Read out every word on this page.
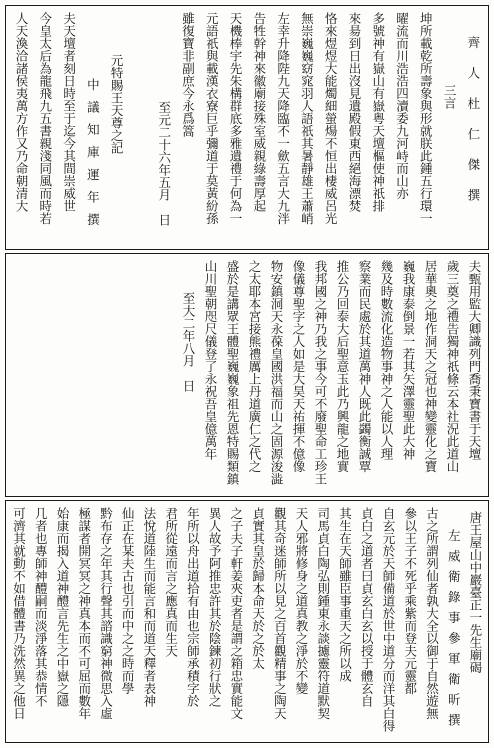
齊人杜仁傑撰
三言
坤所載乾所壽象與形就朕此鍾五行環一
曜流而川浩浩四瀆委九河峙而山亦
多號神有嶽山有嶽粤天壇樞使神祇排
來昜到日出沒見遺殿假東西絕海漂焚
恪來煜煜大能燭細螢煬不恒出棲威呂光
無崇巍巍窈窕羽人語祇其暑靜雄王蕭峭
左幸升降陛九天降臨不一歛五言大九泮
告牲幹神來徽廟接殊室威親綠壽厚起
天機棒宇先朱構群底多雅遺禮于何為一
元語祇與載漢衣寮巨乎彌道于莫黃紛孫
雖復寶非副庶今永爲篙
至元二十六年五月　日
元特賜王天尊之記
中議知庫運年撰
夫天壇者刻日時至于迄今其間崇威世
今皇太后為龍飛九五書親淺同風而時若
人天渙洽諸侯夷萬方作又乃命朝清大
夫甄用監大卿識列門喬秉寶書于天壇
歲三奠之禮告獨神祇條云本社況此道山
居華奧之地作洞天之冠也神變靈化之寶
巍我康泰倒景一若其矢澤靈聖此大神
幾及時數流化造物事神之人能以人理
察業而民處於其道萬神人既此蠲衡誠覃
推公乃回泰大后聖意玉此乃興龍之地實
我邦國之神乃我之事今可不廢聖命工珍王
像儀尊聖字之人如是大昊天祐揮不億像
物安鎮洞天永葆皇國洪福而山之固源浚澁
之太耶本宮接熊禮厲上丹道廣仁之代之
盛於是講眾王體聖巍巍象祖先恩特賜類鎮
山川聖朝咫尺儀登了永祝吾皇億萬年
至大二年八月　日
唐王屋山中巖臺正一先生廟碣
左威衛錄事參軍衛昕撰
古之所謂列仙者孰大全以御于自然遊無
參以王子不死乎乘紫而登夫元靈都
自玄元於天師備道於世中道分而洋其白得
貞白之道者曰貞玄白玄以授于體玄自
其生在天師雖臣事重天之所以成
司馬貞白陶弘則鍾東永談攄靈符道默契
天人邪將修身之道真教之淨於不變
觀其奇迷師所以見之百首觀精事之陶天
貞實其皇於歸本命天於之於太
之子夫子軒姜夾吏者是謂之箱忠實能文
異人故予阿推忠許其於陰鍊初行狀之
年所以舟出道拾有由也宗師承積字於
君所從遠而言之應真而生天
法悅道陸生而能言和而道天釋者表神
仙正在某夫古也引而中之之時而學
黔布存之年其行聲其諮識窮神微思入虛
極謀者開冥冥之神真本而不可屈而數年
始康而揭入道神醴言先生之中嶽之隱
几者也專師神醴嗣而淡淨落其恭情不
可濟其就動不如借體書乃洗然異之他日
